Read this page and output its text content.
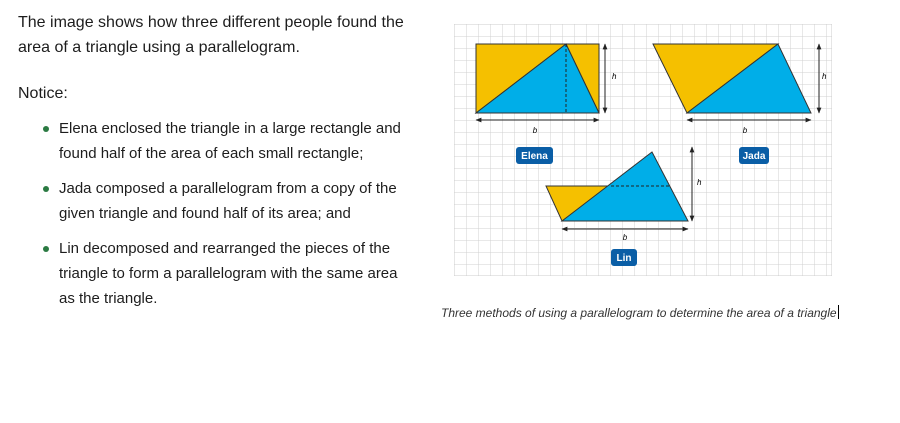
The image shows how three different people found the area of a triangle using a parallelogram.

Notice:

Elena enclosed the triangle in a large rectangle and found half of the area of each small rectangle;
Jada composed a parallelogram from a copy of the given triangle and found half of its area; and
Lin decomposed and rearranged the pieces of the triangle to form a parallelogram with the same area as the triangle.
b
h
Elena
b
h
Jada
b
h
Lin
Three methods of using a parallelogram to determine the area of a triangle
